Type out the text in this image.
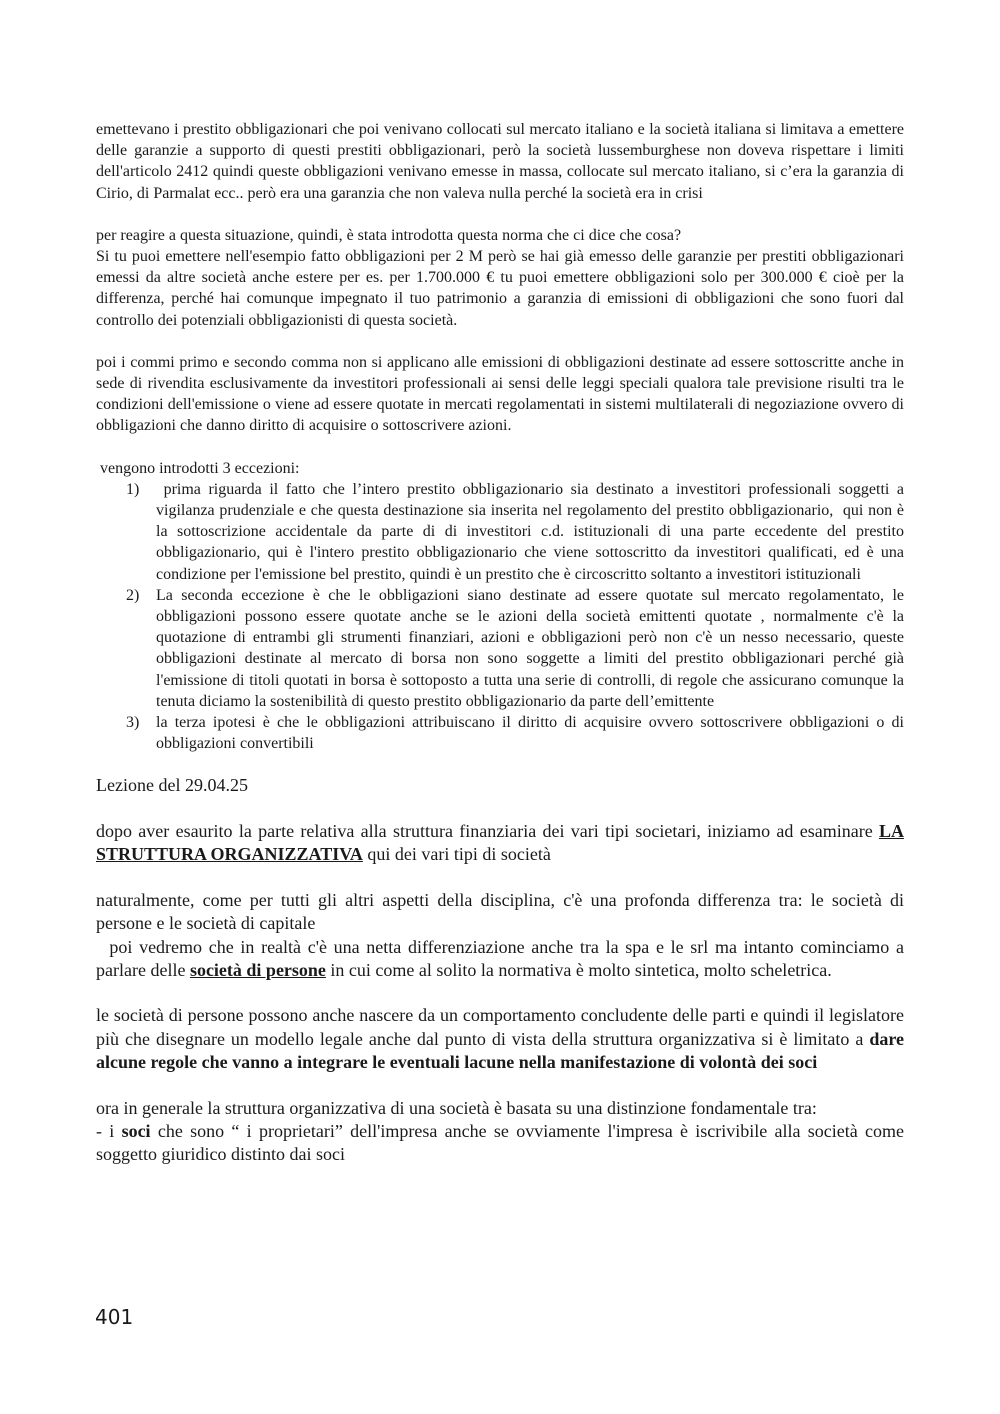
emettevano i prestito obbligazionari che poi venivano collocati sul mercato italiano e la società italiana si limitava a emettere delle garanzie a supporto di questi prestiti obbligazionari, però la società lussemburghese non doveva rispettare i limiti dell'articolo 2412 quindi queste obbligazioni venivano emesse in massa, collocate sul mercato italiano, si c’era la garanzia di Cirio, di Parmalat ecc.. però era una garanzia che non valeva nulla perché la società era in crisi

per reagire a questa situazione, quindi, è stata introdotta questa norma che ci dice che cosa?

Si tu puoi emettere nell'esempio fatto obbligazioni per 2 M però se hai già emesso delle garanzie per prestiti obbligazionari emessi da altre società anche estere per es. per 1.700.000 € tu puoi emettere obbligazioni solo per 300.000 € cioè per la differenza, perché hai comunque impegnato il tuo patrimonio a garanzia di emissioni di obbligazioni che sono fuori dal controllo dei potenziali obbligazionisti di questa società.

poi i commi primo e secondo comma non si applicano alle emissioni di obbligazioni destinate ad essere sottoscritte anche in sede di rivendita esclusivamente da investitori professionali ai sensi delle leggi speciali qualora tale previsione risulti tra le condizioni dell'emissione o viene ad essere quotate in mercati regolamentati in sistemi multilaterali di negoziazione ovvero di obbligazioni che danno diritto di acquisire o sottoscrivere azioni.

vengono introdotti 3 eccezioni:

1) prima riguarda il fatto che l’intero prestito obbligazionario sia destinato a investitori professionali soggetti a vigilanza prudenziale e che questa destinazione sia inserita nel regolamento del prestito obbligazionario,  qui non è la sottoscrizione accidentale da parte di di investitori c.d. istituzionali di una parte eccedente del prestito obbligazionario, qui è l'intero prestito obbligazionario che viene sottoscritto da investitori qualificati, ed è una condizione per l'emissione bel prestito, quindi è un prestito che è circoscritto soltanto a investitori istituzionali
2) La seconda eccezione è che le obbligazioni siano destinate ad essere quotate sul mercato regolamentato, le obbligazioni possono essere quotate anche se le azioni della società emittenti quotate , normalmente c'è la quotazione di entrambi gli strumenti finanziari, azioni e obbligazioni però non c'è un nesso necessario, queste obbligazioni destinate al mercato di borsa non sono soggette a limiti del prestito obbligazionari perché già l'emissione di titoli quotati in borsa è sottoposto a tutta una serie di controlli, di regole che assicurano comunque la tenuta diciamo la sostenibilità di questo prestito obbligazionario da parte dell’emittente
3) la terza ipotesi è che le obbligazioni attribuiscano il diritto di acquisire ovvero sottoscrivere obbligazioni o di obbligazioni convertibili

Lezione del 29.04.25

dopo aver esaurito la parte relativa alla struttura finanziaria dei vari tipi societari, iniziamo ad esaminare LA STRUTTURA ORGANIZZATIVA qui dei vari tipi di società

naturalmente, come per tutti gli altri aspetti della disciplina, c'è una profonda differenza tra: le società di persone e le società di capitale

poi vedremo che in realtà c'è una netta differenziazione anche tra la spa e le srl ma intanto cominciamo a parlare delle società di persone in cui come al solito la normativa è molto sintetica, molto scheletrica.

le società di persone possono anche nascere da un comportamento concludente delle parti e quindi il legislatore più che disegnare un modello legale anche dal punto di vista della struttura organizzativa si è limitato a dare alcune regole che vanno a integrare le eventuali lacune nella manifestazione di volontà dei soci

ora in generale la struttura organizzativa di una società è basata su una distinzione fondamentale tra:

- i soci che sono “ i proprietari” dell'impresa anche se ovviamente l'impresa è iscrivibile alla società come soggetto giuridico distinto dai soci

401
